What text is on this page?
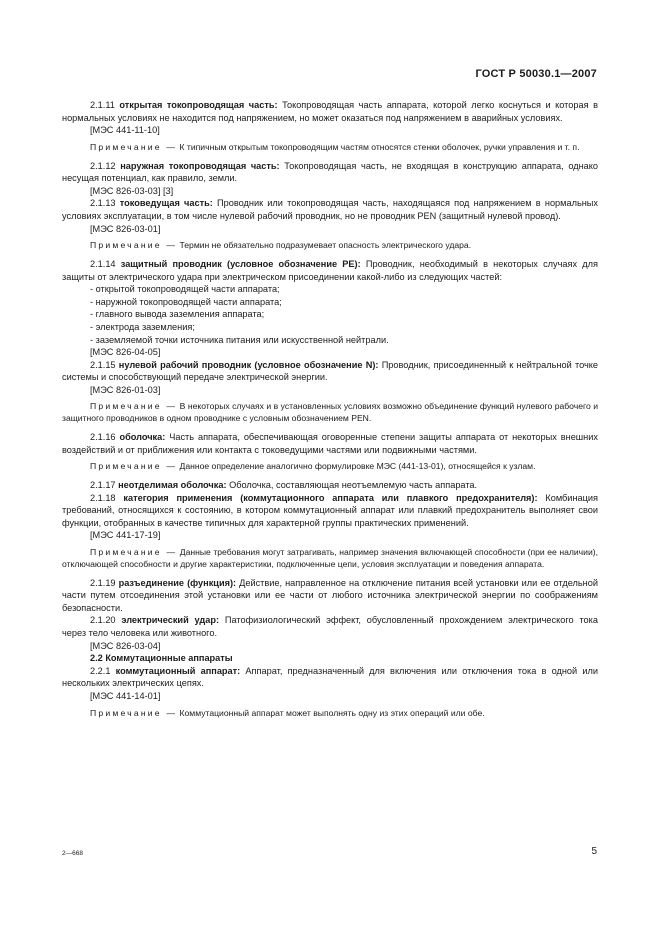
ГОСТ Р 50030.1—2007

2.1.11 открытая токопроводящая часть: Токопроводящая часть аппарата, которой легко коснуться и которая в нормальных условиях не находится под напряжением, но может оказаться под напряжением в аварийных условиях.

[МЭС 441-11-10]

Примечание — К типичным открытым токопроводящим частям относятся стенки оболочек, ручки управления и т. п.

2.1.12 наружная токопроводящая часть: Токопроводящая часть, не входящая в конструкцию аппарата, однако несущая потенциал, как правило, земли.

[МЭС 826-03-03] [3]

2.1.13 токоведущая часть: Проводник или токопроводящая часть, находящаяся под напряжением в нормальных условиях эксплуатации, в том числе нулевой рабочий проводник, но не проводник PEN (защитный нулевой провод).

[МЭС 826-03-01]

Примечание — Термин не обязательно подразумевает опасность электрического удара.

2.1.14 защитный проводник (условное обозначение PE): Проводник, необходимый в некоторых случаях для защиты от электрического удара при электрическом присоединении какой-либо из следующих частей:

- открытой токопроводящей части аппарата;

- наружной токопроводящей части аппарата;

- главного вывода заземления аппарата;

- электрода заземления;

- заземляемой точки источника питания или искусственной нейтрали.

[МЭС 826-04-05]

2.1.15 нулевой рабочий проводник (условное обозначение N): Проводник, присоединенный к нейтральной точке системы и способствующий передаче электрической энергии.

[МЭС 826-01-03]

Примечание — В некоторых случаях и в установленных условиях возможно объединение функций нулевого рабочего и защитного проводников в одном проводнике с условным обозначением PEN.

2.1.16 оболочка: Часть аппарата, обеспечивающая оговоренные степени защиты аппарата от некоторых внешних воздействий и от приближения или контакта с токоведущими частями или подвижными частями.

Примечание — Данное определение аналогично формулировке МЭС (441-13-01), относящейся к узлам.

2.1.17 неотделимая оболочка: Оболочка, составляющая неотъемлемую часть аппарата.

2.1.18 категория применения (коммутационного аппарата или плавкого предохранителя): Комбинация требований, относящихся к состоянию, в котором коммутационный аппарат или плавкий предохранитель выполняет свои функции, отобранных в качестве типичных для характерной группы практических применений.

[МЭС 441-17-19]

Примечание — Данные требования могут затрагивать, например значения включающей способности (при ее наличии), отключающей способности и другие характеристики, подключенные цепи, условия эксплуатации и поведения аппарата.

2.1.19 разъединение (функция): Действие, направленное на отключение питания всей установки или ее отдельной части путем отсоединения этой установки или ее части от любого источника электрической энергии по соображениям безопасности.

2.1.20 электрический удар: Патофизиологический эффект, обусловленный прохождением электрического тока через тело человека или животного.

[МЭС 826-03-04]

2.2 Коммутационные аппараты

2.2.1 коммутационный аппарат: Аппарат, предназначенный для включения или отключения тока в одной или нескольких электрических цепях.

[МЭС 441-14-01]

Примечание — Коммутационный аппарат может выполнять одну из этих операций или обе.

2—668	5
